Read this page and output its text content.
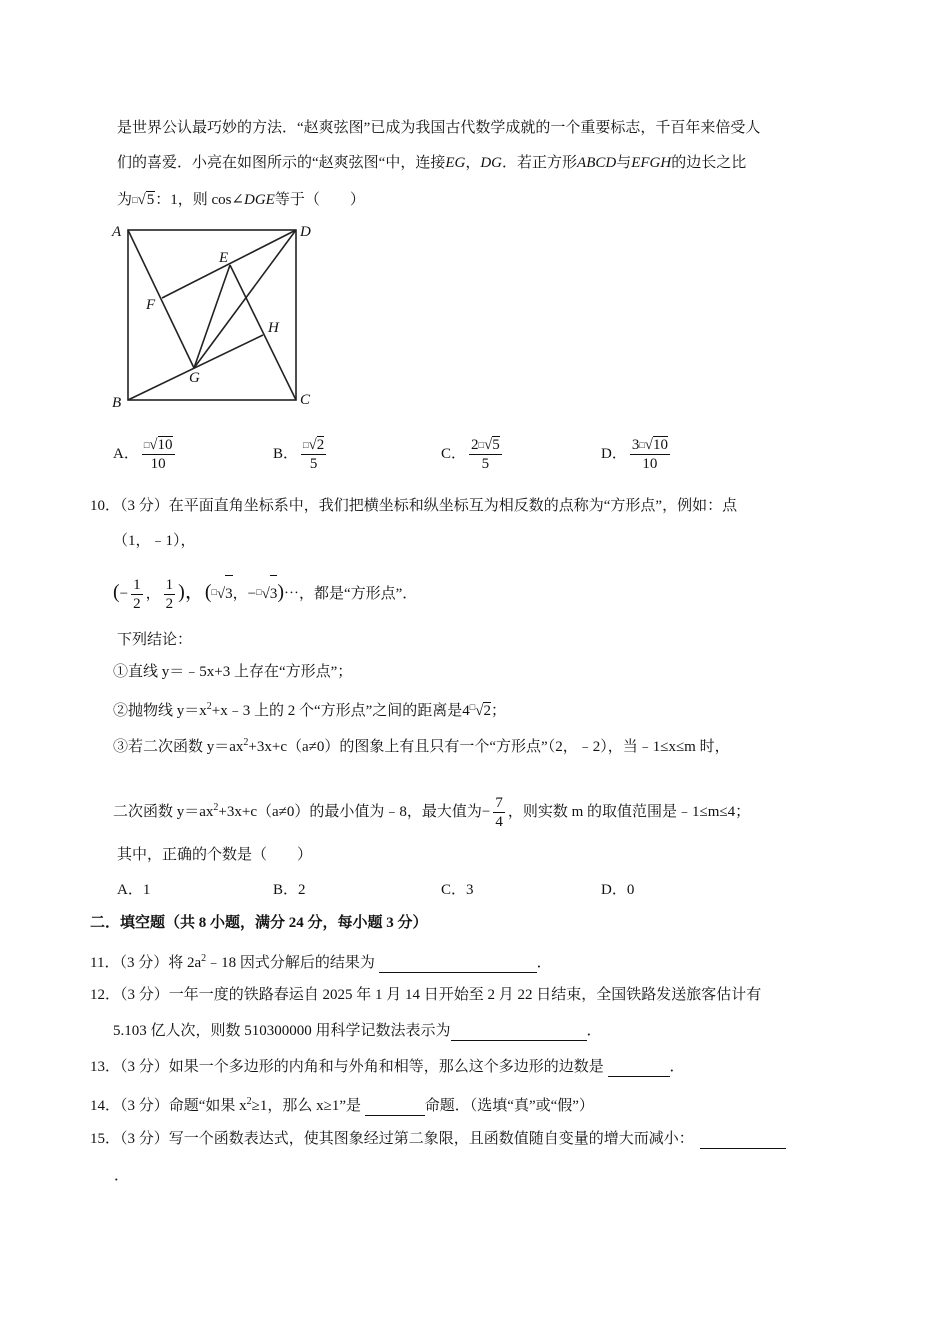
是世界公认最巧妙的方法．“赵爽弦图”已成为我国古代数学成就的一个重要标志，千百年来倍受人
们的喜爱．小亮在如图所示的“赵爽弦图“中，连接EG，DG．若正方形ABCD与EFGH的边长之比
为□√5：1，则 cos∠DGE等于（　　）
A	D
B	C
E
F
G
H
A． $\frac{^□√10}{10}$	B． $\frac{^□√2}{5}$	C． $\frac{2^□√5}{5}$	D． $\frac{3^□√10}{10}$
10．（3 分）在平面直角坐标系中，我们把横坐标和纵坐标互为相反数的点称为“方形点”，例如：点
（1，﹣1），
(− $\frac{1}{2}$ ， $\frac{1}{2}$ )，(□√3，−□√3)⋯，都是“方形点”．
下列结论：
①直线 y＝﹣5x+3 上存在“方形点”；
②抛物线 $y=x^2+x﹣3$ 上的 2 个“方形点”之间的距离是4□√2；
③若二次函数 $y=ax^2+3x+c(a\ne 0)$的图象上有且只有一个“方形点”（2，﹣2），当﹣1≤x≤m 时，
二次函数 $y=ax^2+3x+c(a\ne 0)$的最小值为﹣8，最大值为− $\frac{7}{4}$ ，则实数 m 的取值范围是﹣1≤m≤4；
其中，正确的个数是（　　）
A．1	B．2	C．3	D．0
二．填空题（共 8 小题，满分 24 分，每小题 3 分）
11．（3 分）将 $2a^2﹣18$ 因式分解后的结果为	．
12．（3 分）一年一度的铁路春运自 2025 年 1 月 14 日开始至 2 月 22 日结束，全国铁路发送旅客估计有
5.103 亿人次，则数 510300000 用科学记数法表示为	．
13．（3 分）如果一个多边形的内角和与外角和相等，那么这个多边形的边数是	．
14．（3 分）命题“如果 $x^2\ge 1$，那么 x≥1”是	命题．（选填“真”或“假”）
15．（3 分）写一个函数表达式，使其图象经过第二象限，且函数值随自变量的增大而减小：
．
